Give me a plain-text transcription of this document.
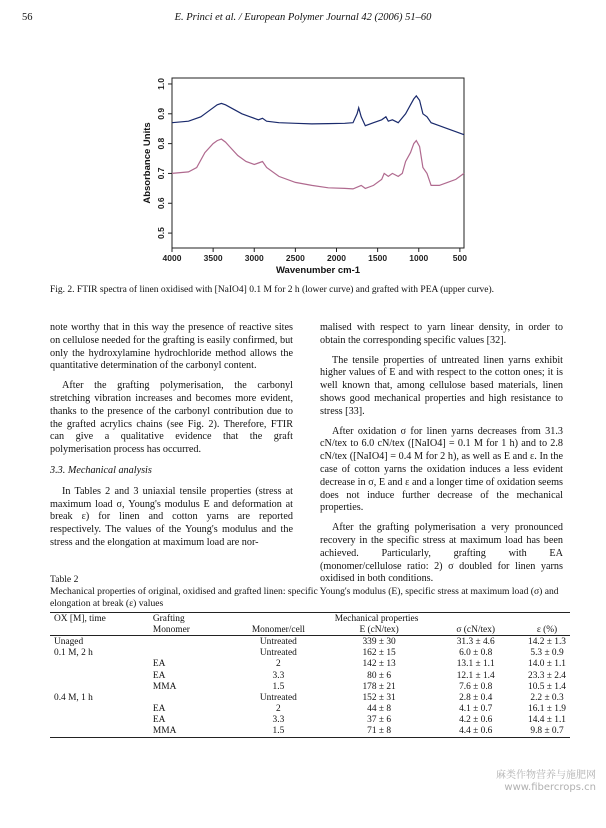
56	E. Princi et al. / European Polymer Journal 42 (2006) 51–60
4000	3500	3000	2500	2000	1500	1000	500
0.5
0.6
0.7
0.8
0.9
1.0
Wavenumber cm-1
Absorbance Units
Fig. 2. FTIR spectra of linen oxidised with [NaIO4] 0.1 M for 2 h (lower curve) and grafted with PEA (upper curve).

note worthy that in this way the presence of reactive sites on cellulose needed for the grafting is easily confirmed, but only the hydroxylamine hydrochloride method allows the quantitative determination of the carbonyl content.

After the grafting polymerisation, the carbonyl stretching vibration increases and becomes more evident, thanks to the presence of the carbonyl contribution due to the grafted acrylics chains (see Fig. 2). Therefore, FTIR can give a qualitative evidence that the graft polymerisation process has occurred.

3.3. Mechanical analysis

In Tables 2 and 3 uniaxial tensile properties (stress at maximum load σ, Young's modulus E and deformation at break ε) for linen and cotton yarns are reported respectively. The values of the Young's modulus and the stress and the elongation at maximum load are nor-

malised with respect to yarn linear density, in order to obtain the corresponding specific values [32].

The tensile properties of untreated linen yarns exhibit higher values of E and with respect to the cotton ones; it is well known that, among cellulose based materials, linen shows good mechanical properties and high resistance to stress [33].

After oxidation σ for linen yarns decreases from 31.3 cN/tex to 6.0 cN/tex ([NaIO4] = 0.1 M for 1 h) and to 2.8 cN/tex ([NaIO4] = 0.4 M for 2 h), as well as E and ε. In the case of cotton yarns the oxidation induces a less evident decrease in σ, E and ε and a longer time of oxidation seems does not induce further decrease of the mechanical properties.

After the grafting polymerisation a very pronounced recovery in the specific stress at maximum load has been achieved. Particularly, grafting with EA (monomer/cellulose ratio: 2) σ doubled for linen yarns oxidised in both conditions.

Table 2
Mechanical properties of original, oxidised and grafted linen: specific Young's modulus (E), specific stress at maximum load (σ) and elongation at break (ε) values
OX [M], time	Grafting		Mechanical properties		
	Monomer	Monomer/cell	E (cN/tex)	σ (cN/tex)	ε (%)
Unaged		Untreated	339 ± 30	31.3 ± 4.6	14.2 ± 1.3
0.1 M, 2 h		Untreated	162 ± 15	6.0 ± 0.8	5.3 ± 0.9
	EA	2	142 ± 13	13.1 ± 1.1	14.0 ± 1.1
	EA	3.3	80 ± 6	12.1 ± 1.4	23.3 ± 2.4
	MMA	1.5	178 ± 21	7.6 ± 0.8	10.5 ± 1.4
0.4 M, 1 h		Untreated	152 ± 31	2.8 ± 0.4	2.2 ± 0.3
	EA	2	44 ± 8	4.1 ± 0.7	16.1 ± 1.9
	EA	3.3	37 ± 6	4.2 ± 0.6	14.4 ± 1.1
	MMA	1.5	71 ± 8	4.4 ± 0.6	9.8 ± 0.7
麻类作物营养与施肥网
www.fibercrops.cn
